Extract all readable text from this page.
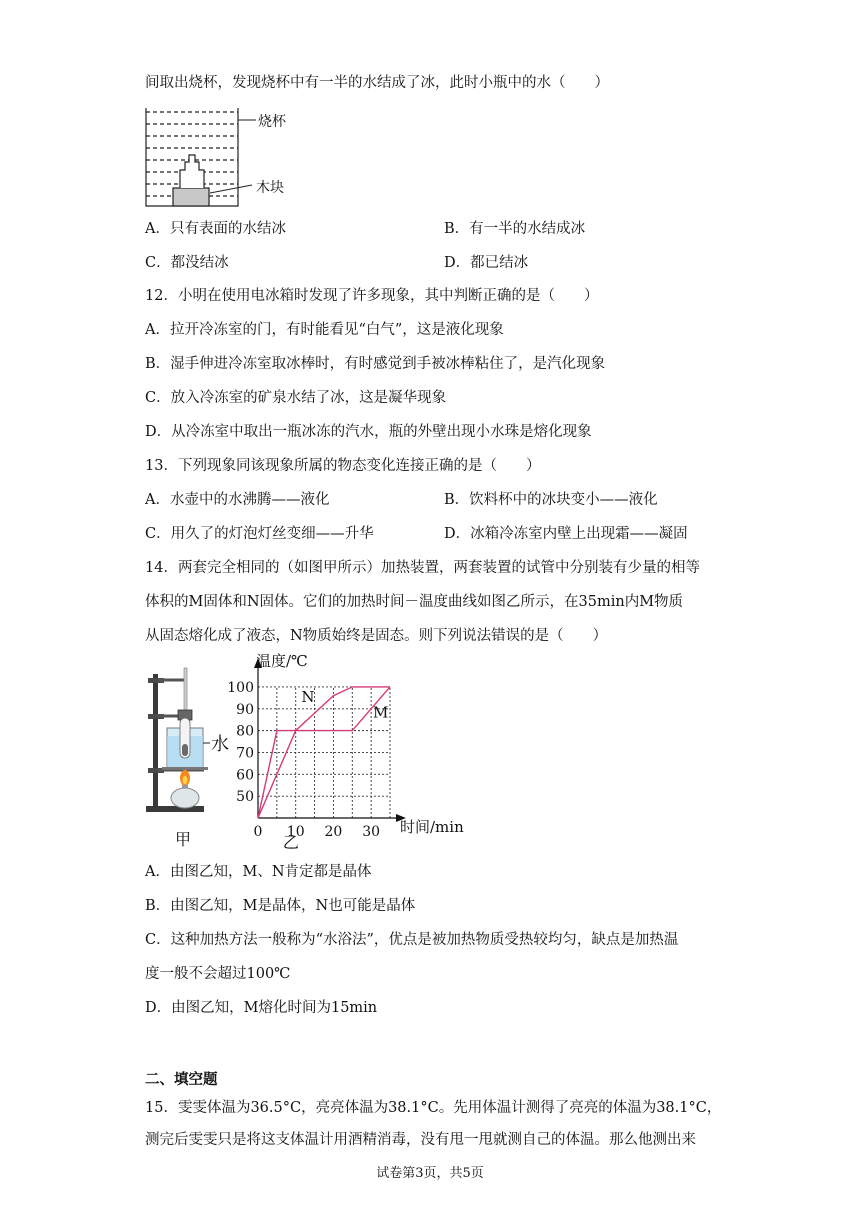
间取出烧杯，发现烧杯中有一半的水结成了冰，此时小瓶中的水（　　）
烧杯
木块
A．只有表面的水结冰	B．有一半的水结成冰
C．都没结冰	D．都已结冰
12．小明在使用电冰箱时发现了许多现象，其中判断正确的是（　　）
A．拉开冷冻室的门，有时能看见“白气”，这是液化现象
B．湿手伸进冷冻室取冰棒时，有时感觉到手被冰棒粘住了，是汽化现象
C．放入冷冻室的矿泉水结了冰，这是凝华现象
D．从冷冻室中取出一瓶冰冻的汽水，瓶的外壁出现小水珠是熔化现象
13．下列现象同该现象所属的物态变化连接正确的是（　　）
A．水壶中的水沸腾——液化	B．饮料杯中的冰块变小——液化
C．用久了的灯泡灯丝变细——升华	D．冰箱冷冻室内壁上出现霜——凝固
14．两套完全相同的（如图甲所示）加热装置，两套装置的试管中分别装有少量的相等
体积的M固体和N固体。它们的加热时间－温度曲线如图乙所示，在35min内M物质
从固态熔化成了液态，N物质始终是固态。则下列说法错误的是（　　）
水
甲	0 10 20 30
50
60
70
80
90
100
温度/℃
时间/min
乙
N
M
A．由图乙知，M、N肯定都是晶体
B．由图乙知，M是晶体，N也可能是晶体
C．这种加热方法一般称为“水浴法”，优点是被加热物质受热较均匀，缺点是加热温
度一般不会超过100℃
D．由图乙知，M熔化时间为15min
二、填空题
15．雯雯体温为36.5°C，亮亮体温为38.1°C。先用体温计测得了亮亮的体温为38.1°C，
测完后雯雯只是将这支体温计用酒精消毒，没有甩一甩就测自己的体温。那么他测出来
试卷第3页，共5页
